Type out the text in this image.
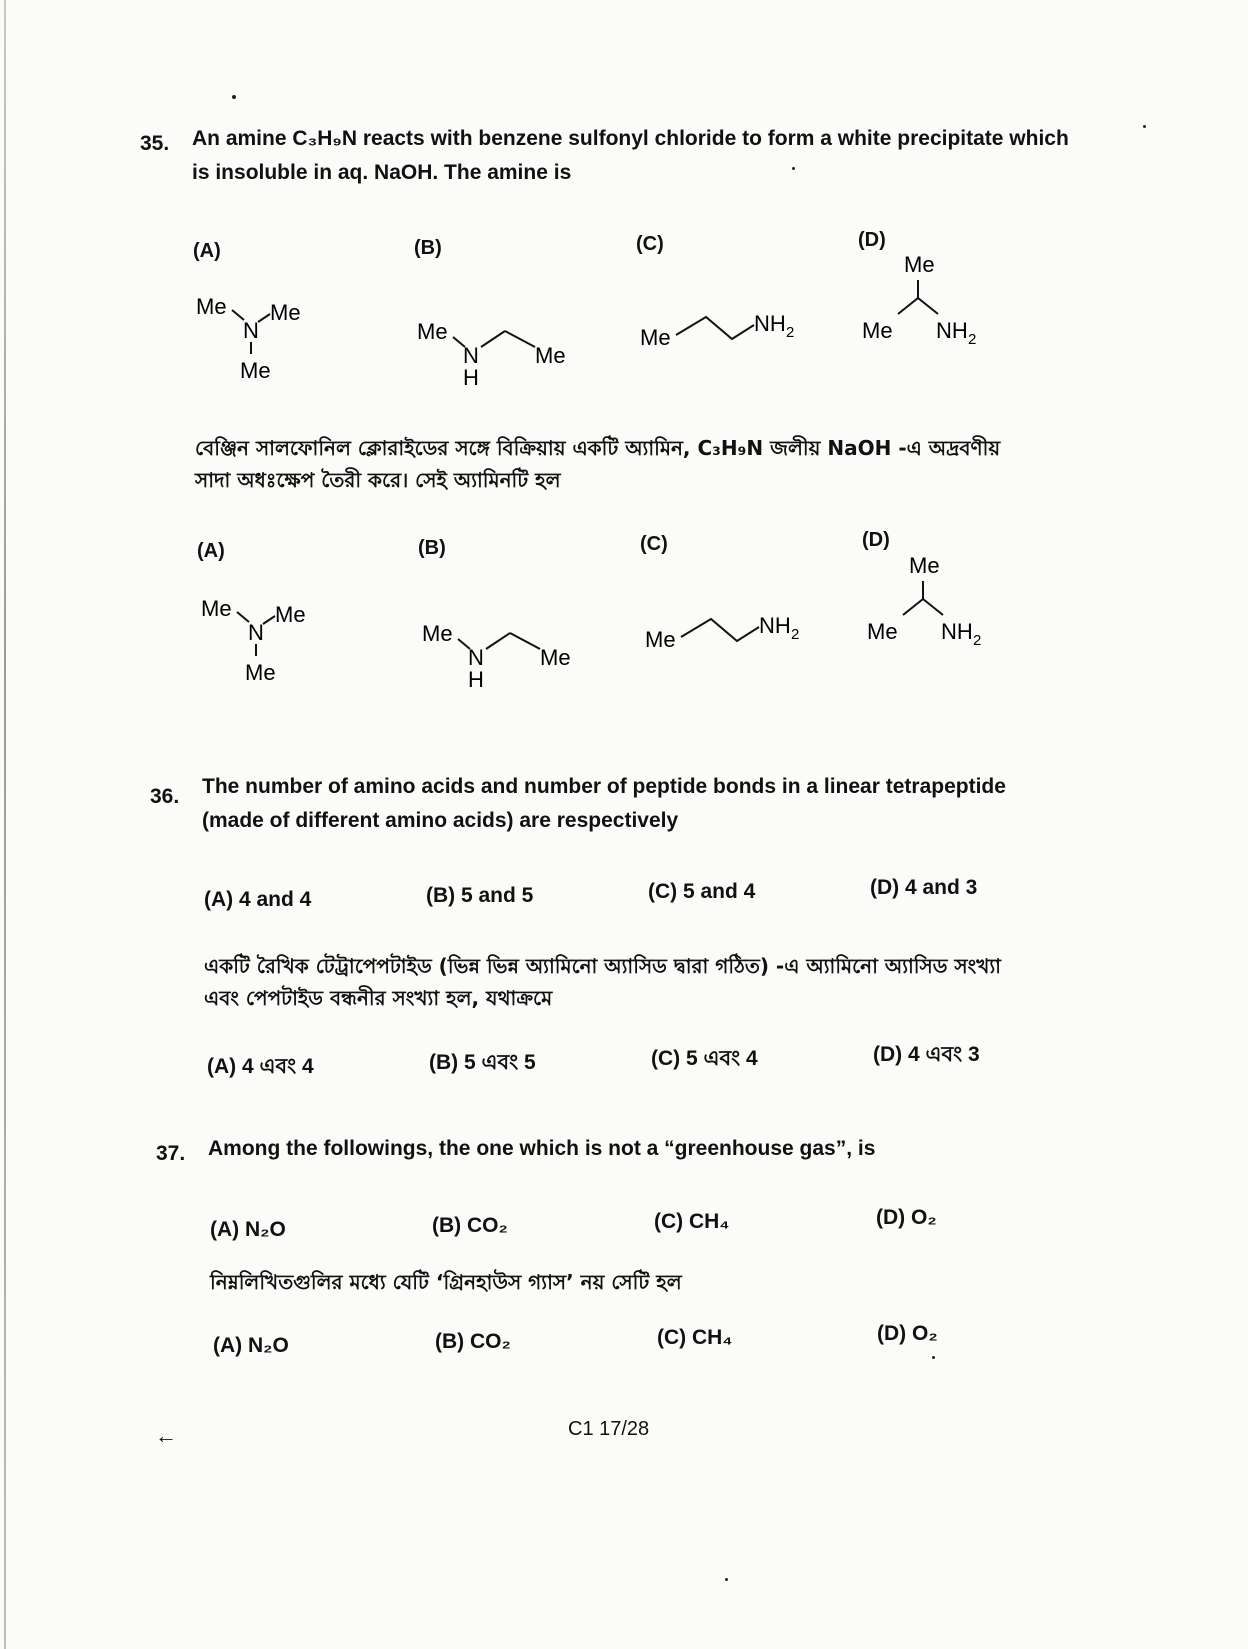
35. An amine C₃H₉N reacts with benzene sulfonyl chloride to form a white precipitate which
is insoluble in aq. NaOH. The amine is
(A)	(B)	(C)	(D)
Me Me
N
Me
Me
N
H
Me
Me
NH 2
Me
Me NH 2
বেঞ্জিন সালফোনিল ক্লোরাইডের সঙ্গে বিক্রিয়ায় একটি অ্যামিন, C₃H₉N জলীয় NaOH -এ অদ্রবণীয়
সাদা অধঃক্ষেপ তৈরী করে। সেই অ্যামিনটি হল
(A)	(B)	(C)	(D)
Me Me
N
Me
Me
N
H
Me
Me
NH 2
Me
Me NH 2
36. The number of amino acids and number of peptide bonds in a linear tetrapeptide
(made of different amino acids) are respectively
(A) 4 and 4	(B) 5 and 5	(C) 5 and 4	(D) 4 and 3
একটি রৈখিক টেট্রাপেপটাইড (ভিন্ন ভিন্ন অ্যামিনো অ্যাসিড দ্বারা গঠিত) -এ অ্যামিনো অ্যাসিড সংখ্যা
এবং পেপটাইড বন্ধনীর সংখ্যা হল, যথাক্রমে
(A) 4 এবং 4	(B) 5 এবং 5	(C) 5 এবং 4	(D) 4 এবং 3
37. Among the followings, the one which is not a “greenhouse gas”, is
(A) N₂O	(B) CO₂	(C) CH₄	(D) O₂
নিম্নলিখিতগুলির মধ্যে যেটি ‘গ্রিনহাউস গ্যাস’ নয় সেটি হল
(A) N₂O	(B) CO₂	(C) CH₄	(D) O₂
←	C1 17/28
